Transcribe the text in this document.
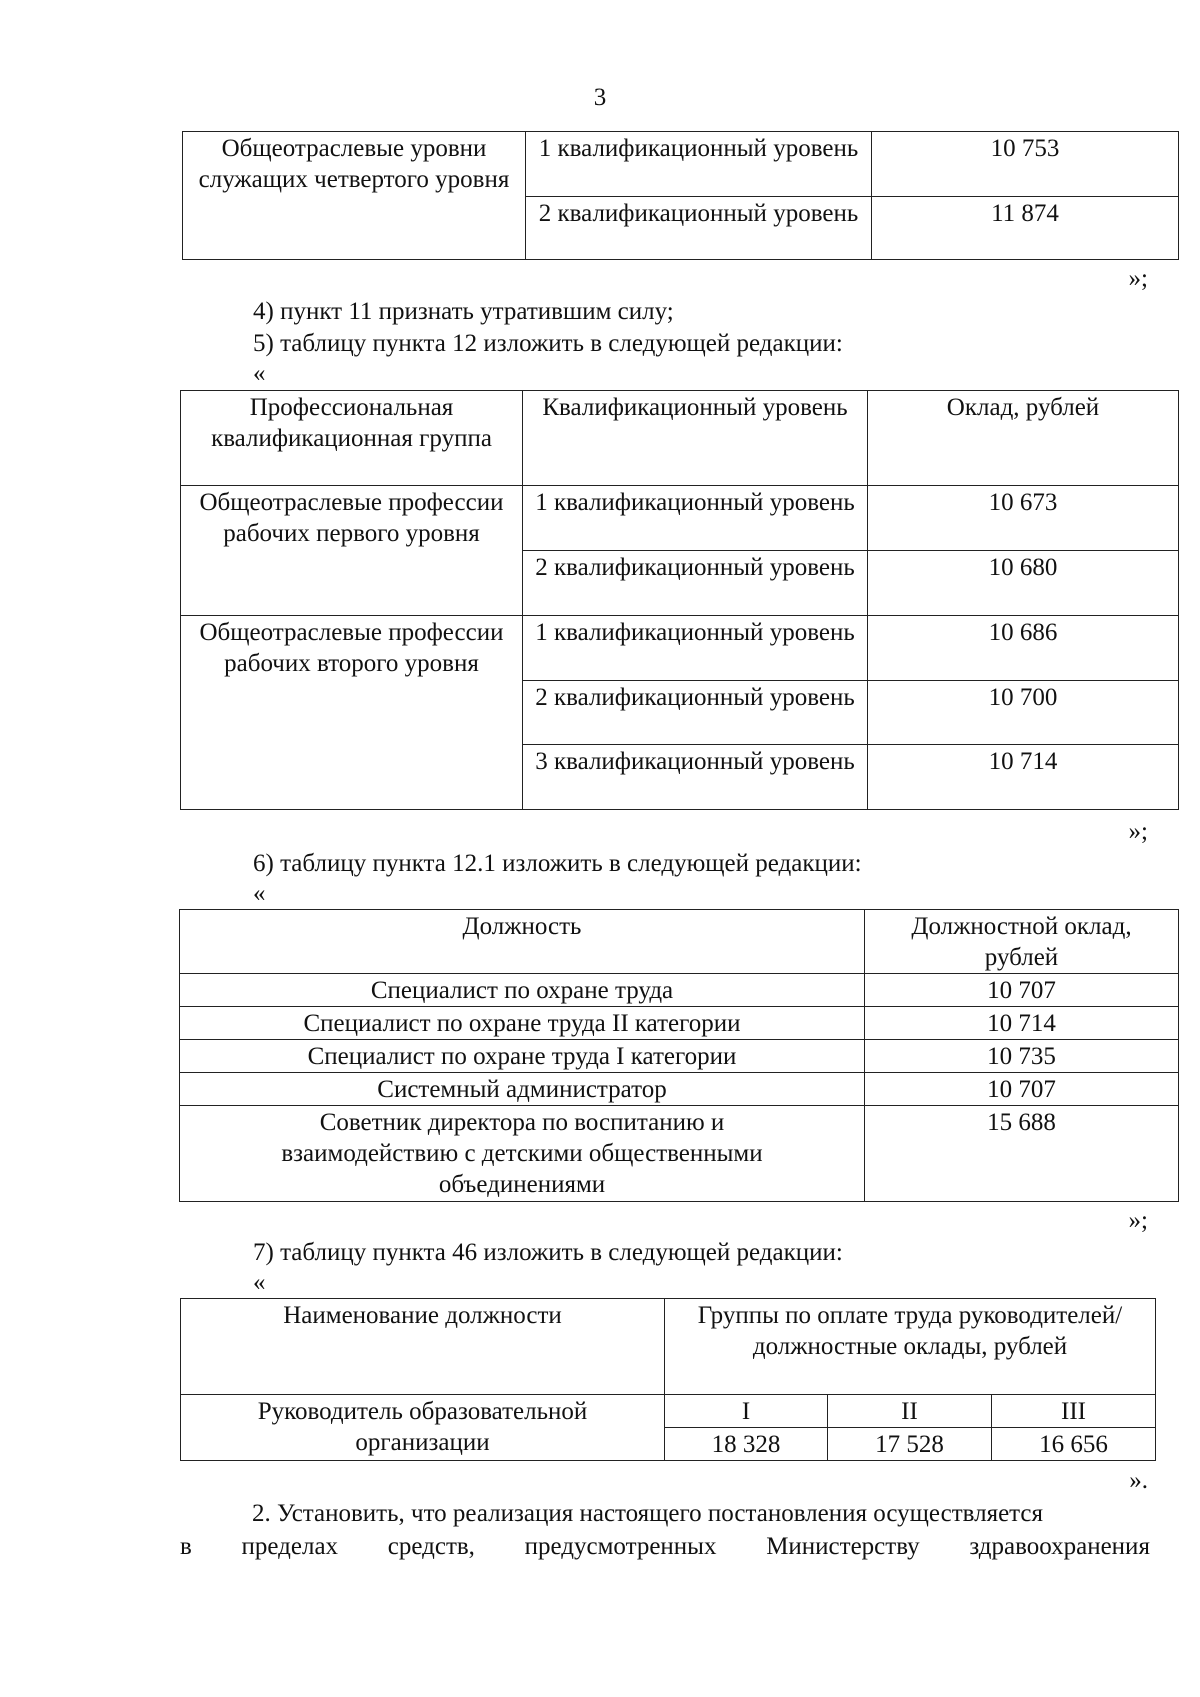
3
Общеотраслевые уровни служащих четвертого уровня	1 квалификационный уровень	10 753
	2 квалификационный уровень	11 874
»;
4) пункт 11 признать утратившим силу;
5) таблицу пункта 12 изложить в следующей редакции:
«
Профессиональная квалификационная группа	Квалификационный уровень	Оклад, рублей
Общеотраслевые профессии рабочих первого уровня	1 квалификационный уровень	10 673
	2 квалификационный уровень	10 680
Общеотраслевые профессии рабочих второго уровня	1 квалификационный уровень	10 686
	2 квалификационный уровень	10 700
	3 квалификационный уровень	10 714
»;
6) таблицу пункта 12.1 изложить в следующей редакции:
«
Должность	Должностной оклад, рублей
Специалист по охране труда	10 707
Специалист по охране труда II категории	10 714
Специалист по охране труда I категории	10 735
Системный администратор	10 707
Советник директора по воспитанию и взаимодействию с детскими общественными объединениями	15 688
»;
7) таблицу пункта 46 изложить в следующей редакции:
«
Наименование должности	Группы по оплате труда руководителей/должностные оклады, рублей		
Руководитель образовательной организации	I	II	III
	18 328	17 528	16 656
».
2. Установить, что реализация настоящего постановления осуществляется
в пределах средств, предусмотренных Министерству здравоохранения
